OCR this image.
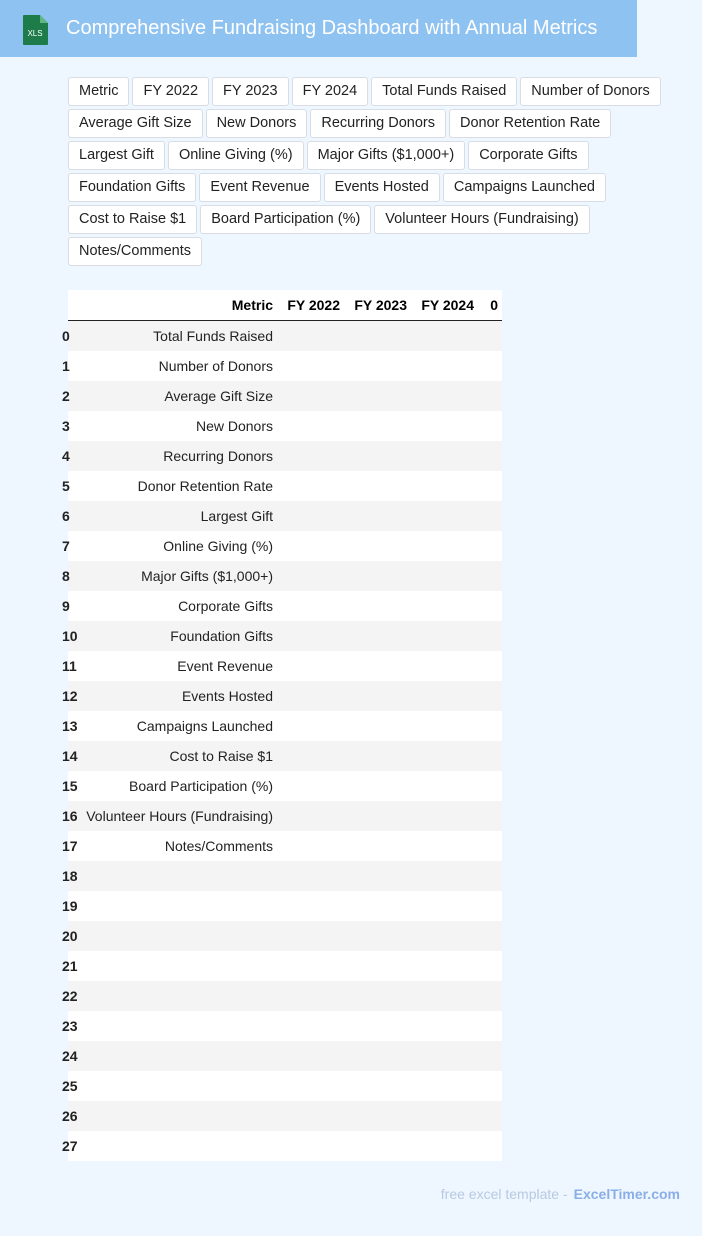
XLS Comprehensive Fundraising Dashboard with Annual Metrics
Metric	FY 2022	FY 2023	FY 2024	Total Funds Raised	Number of Donors
Average Gift Size	New Donors	Recurring Donors	Donor Retention Rate
Largest Gift	Online Giving (%)	Major Gifts ($1,000+)	Corporate Gifts
Foundation Gifts	Event Revenue	Events Hosted	Campaigns Launched
Cost to Raise $1	Board Participation (%)	Volunteer Hours (Fundraising)
Notes/Comments
	Metric	FY 2022	FY 2023	FY 2024	0
0	Total Funds Raised				
1	Number of Donors				
2	Average Gift Size				
3	New Donors				
4	Recurring Donors				
5	Donor Retention Rate				
6	Largest Gift				
7	Online Giving (%)				
8	Major Gifts ($1,000+)				
9	Corporate Gifts				
10	Foundation Gifts				
11	Event Revenue				
12	Events Hosted				
13	Campaigns Launched				
14	Cost to Raise $1				
15	Board Participation (%)				
16	Volunteer Hours (Fundraising)				
17	Notes/Comments				
18					
19					
20					
21					
22					
23					
24					
25					
26					
27					
free excel template - ExcelTimer.com
